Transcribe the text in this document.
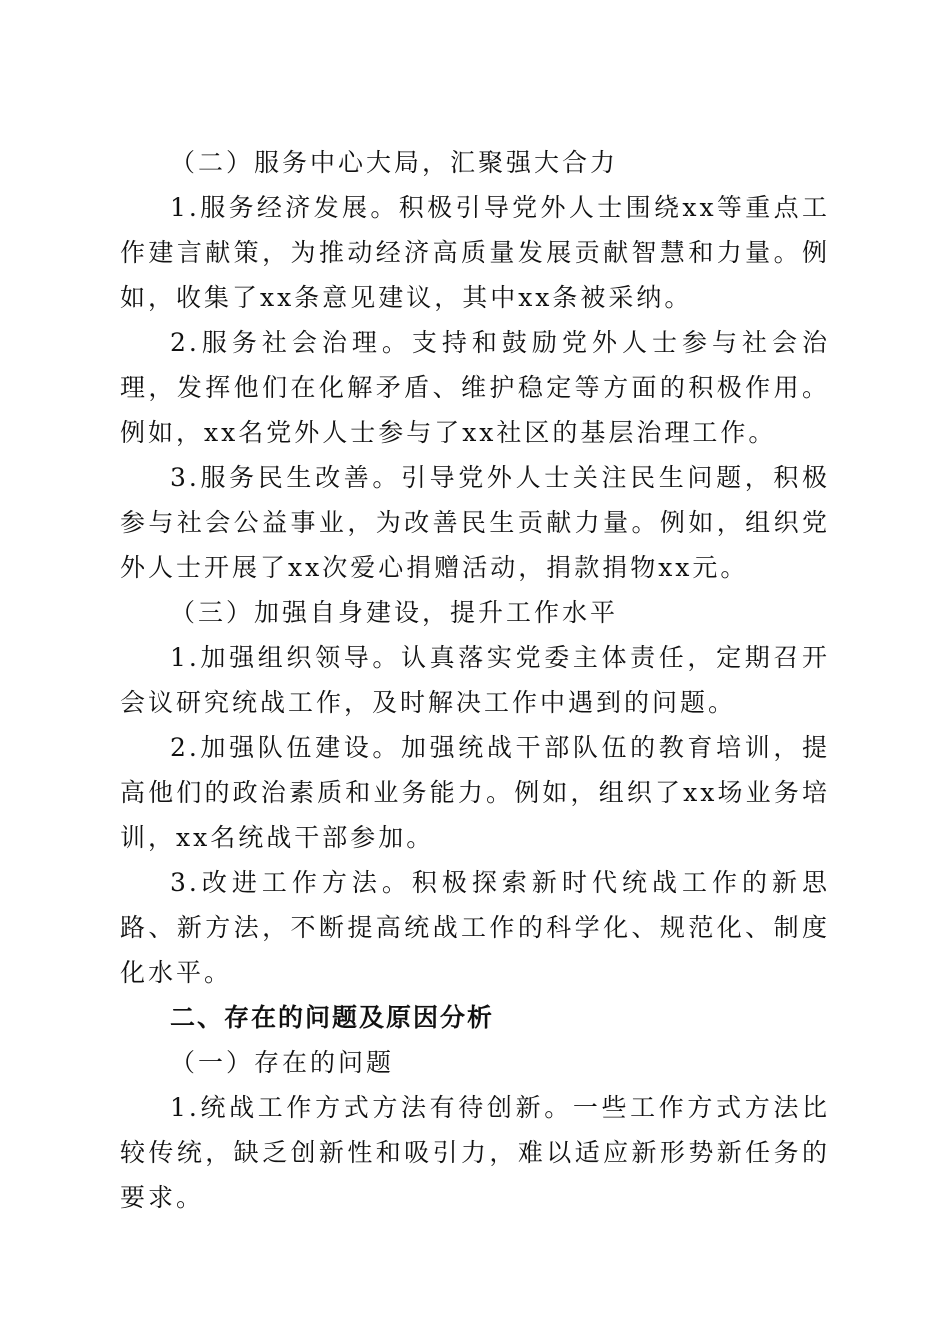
（二）服务中心大局，汇聚强大合力

1.服务经济发展。积极引导党外人士围绕xx等重点工作建言献策，为推动经济高质量发展贡献智慧和力量。例如，收集了xx条意见建议，其中xx条被采纳。

2.服务社会治理。支持和鼓励党外人士参与社会治理，发挥他们在化解矛盾、维护稳定等方面的积极作用。例如，xx名党外人士参与了xx社区的基层治理工作。

3.服务民生改善。引导党外人士关注民生问题，积极参与社会公益事业，为改善民生贡献力量。例如，组织党外人士开展了xx次爱心捐赠活动，捐款捐物xx元。

（三）加强自身建设，提升工作水平

1.加强组织领导。认真落实党委主体责任，定期召开会议研究统战工作，及时解决工作中遇到的问题。

2.加强队伍建设。加强统战干部队伍的教育培训，提高他们的政治素质和业务能力。例如，组织了xx场业务培训，xx名统战干部参加。

3.改进工作方法。积极探索新时代统战工作的新思路、新方法，不断提高统战工作的科学化、规范化、制度化水平。

二、存在的问题及原因分析

（一）存在的问题

1.统战工作方式方法有待创新。一些工作方式方法比较传统，缺乏创新性和吸引力，难以适应新形势新任务的要求。
